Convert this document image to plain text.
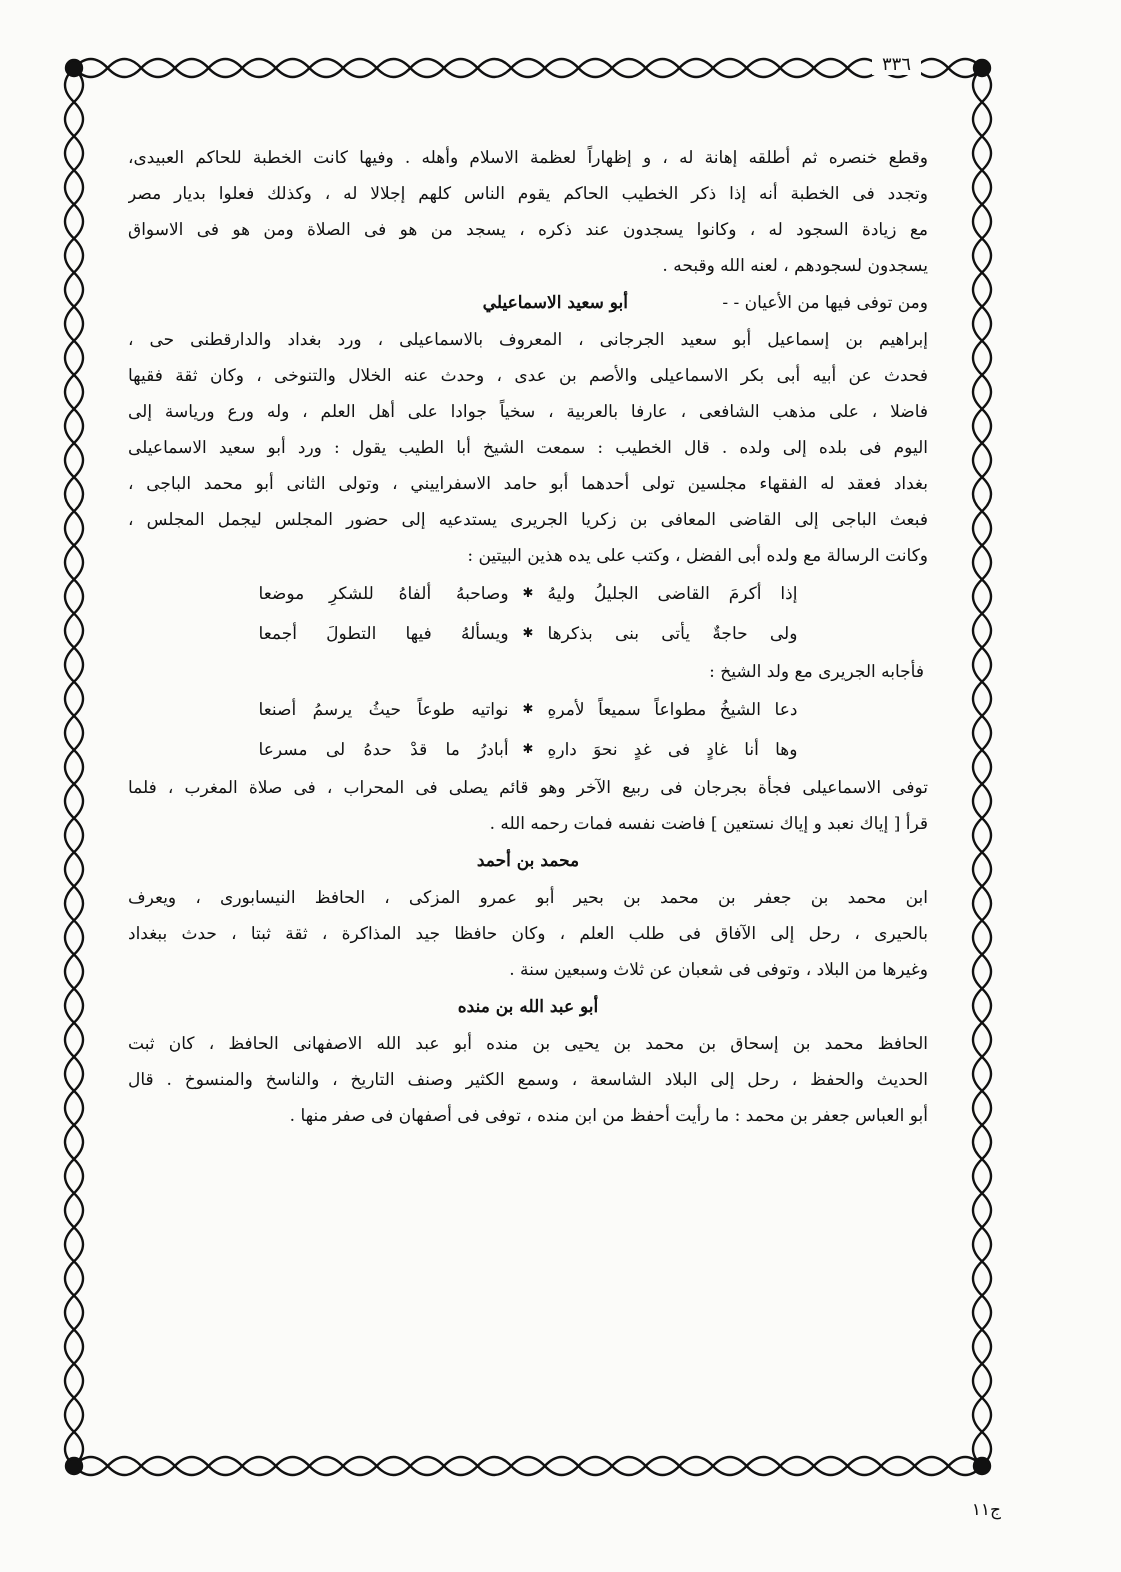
٣٣٦
وقطع خنصره ثم أطلقه إهانة له ، و إظهاراً لعظمة الاسلام وأهله . وفيها كانت الخطبة للحاكم العبيدى،
وتجدد فى الخطبة أنه إذا ذكر الخطيب الحاكم يقوم الناس كلهم إجلالا له ، وكذلك فعلوا بديار مصر
مع زيادة السجود له ، وكانوا يسجدون عند ذكره ، يسجد من هو فى الصلاة ومن هو فى الاسواق
يسجدون لسجودهم ، لعنه الله وقبحه .
ومن توفى فيها من الأعيان - -
أبو سعيد الاسماعيلي
إبراهيم بن إسماعيل أبو سعيد الجرجانى ، المعروف بالاسماعيلى ، ورد بغداد والدارقطنى حى ،
فحدث عن أبيه أبى بكر الاسماعيلى والأصم بن عدى ، وحدث عنه الخلال والتنوخى ، وكان ثقة فقيها
فاضلا ، على مذهب الشافعى ، عارفا بالعربية ، سخياً جوادا على أهل العلم ، وله ورع ورياسة إلى
اليوم فى بلده إلى ولده . قال الخطيب : سمعت الشيخ أبا الطيب يقول : ورد أبو سعيد الاسماعيلى
بغداد فعقد له الفقهاء مجلسين تولى أحدهما أبو حامد الاسفراييني ، وتولى الثانى أبو محمد الباجى ،
فبعث الباجى إلى القاضى المعافى بن زكريا الجريرى يستدعيه إلى حضور المجلس ليجمل المجلس ،
وكانت الرسالة مع ولده أبى الفضل ، وكتب على يده هذين البيتين :
إذا أكرمَ القاضى الجليلُ وليهُ
✱
وصاحبهُ ألفاهُ للشكرِ موضعا
ولى حاجةٌ يأتى بنى بذكرها
✱
ويسألهُ فيها التطولَ أجمعا
فأجابه الجريرى مع ولد الشيخ :
دعا الشيخُ مطواعاً سميعاً لأمرهِ
✱
نواتيه طوعاً حيثُ يرسمُ أصنعا
وها أنا غادٍ فى غدٍ نحوَ دارهِ
✱
أبادرُ ما قدْ حدهُ لى مسرعا
توفى الاسماعيلى فجأة بجرجان فى ربيع الآخر وهو قائم يصلى فى المحراب ، فى صلاة المغرب ، فلما
قرأ [ إياك نعبد و إياك نستعين ] فاضت نفسه فمات رحمه الله .
محمد بن أحمد
ابن محمد بن جعفر بن محمد بن بحير أبو عمرو المزكى ، الحافظ النيسابورى ، ويعرف
بالحيرى ، رحل إلى الآفاق فى طلب العلم ، وكان حافظا جيد المذاكرة ، ثقة ثبتا ، حدث ببغداد
وغيرها من البلاد ، وتوفى فى شعبان عن ثلاث وسبعين سنة .
أبو عبد الله بن منده
الحافظ محمد بن إسحاق بن محمد بن يحيى بن منده أبو عبد الله الاصفهانى الحافظ ، كان ثبت
الحديث والحفظ ، رحل إلى البلاد الشاسعة ، وسمع الكثير وصنف التاريخ ، والناسخ والمنسوخ . قال
أبو العباس جعفر بن محمد : ما رأيت أحفظ من ابن منده ، توفى فى أصفهان فى صفر منها .
ج١١
